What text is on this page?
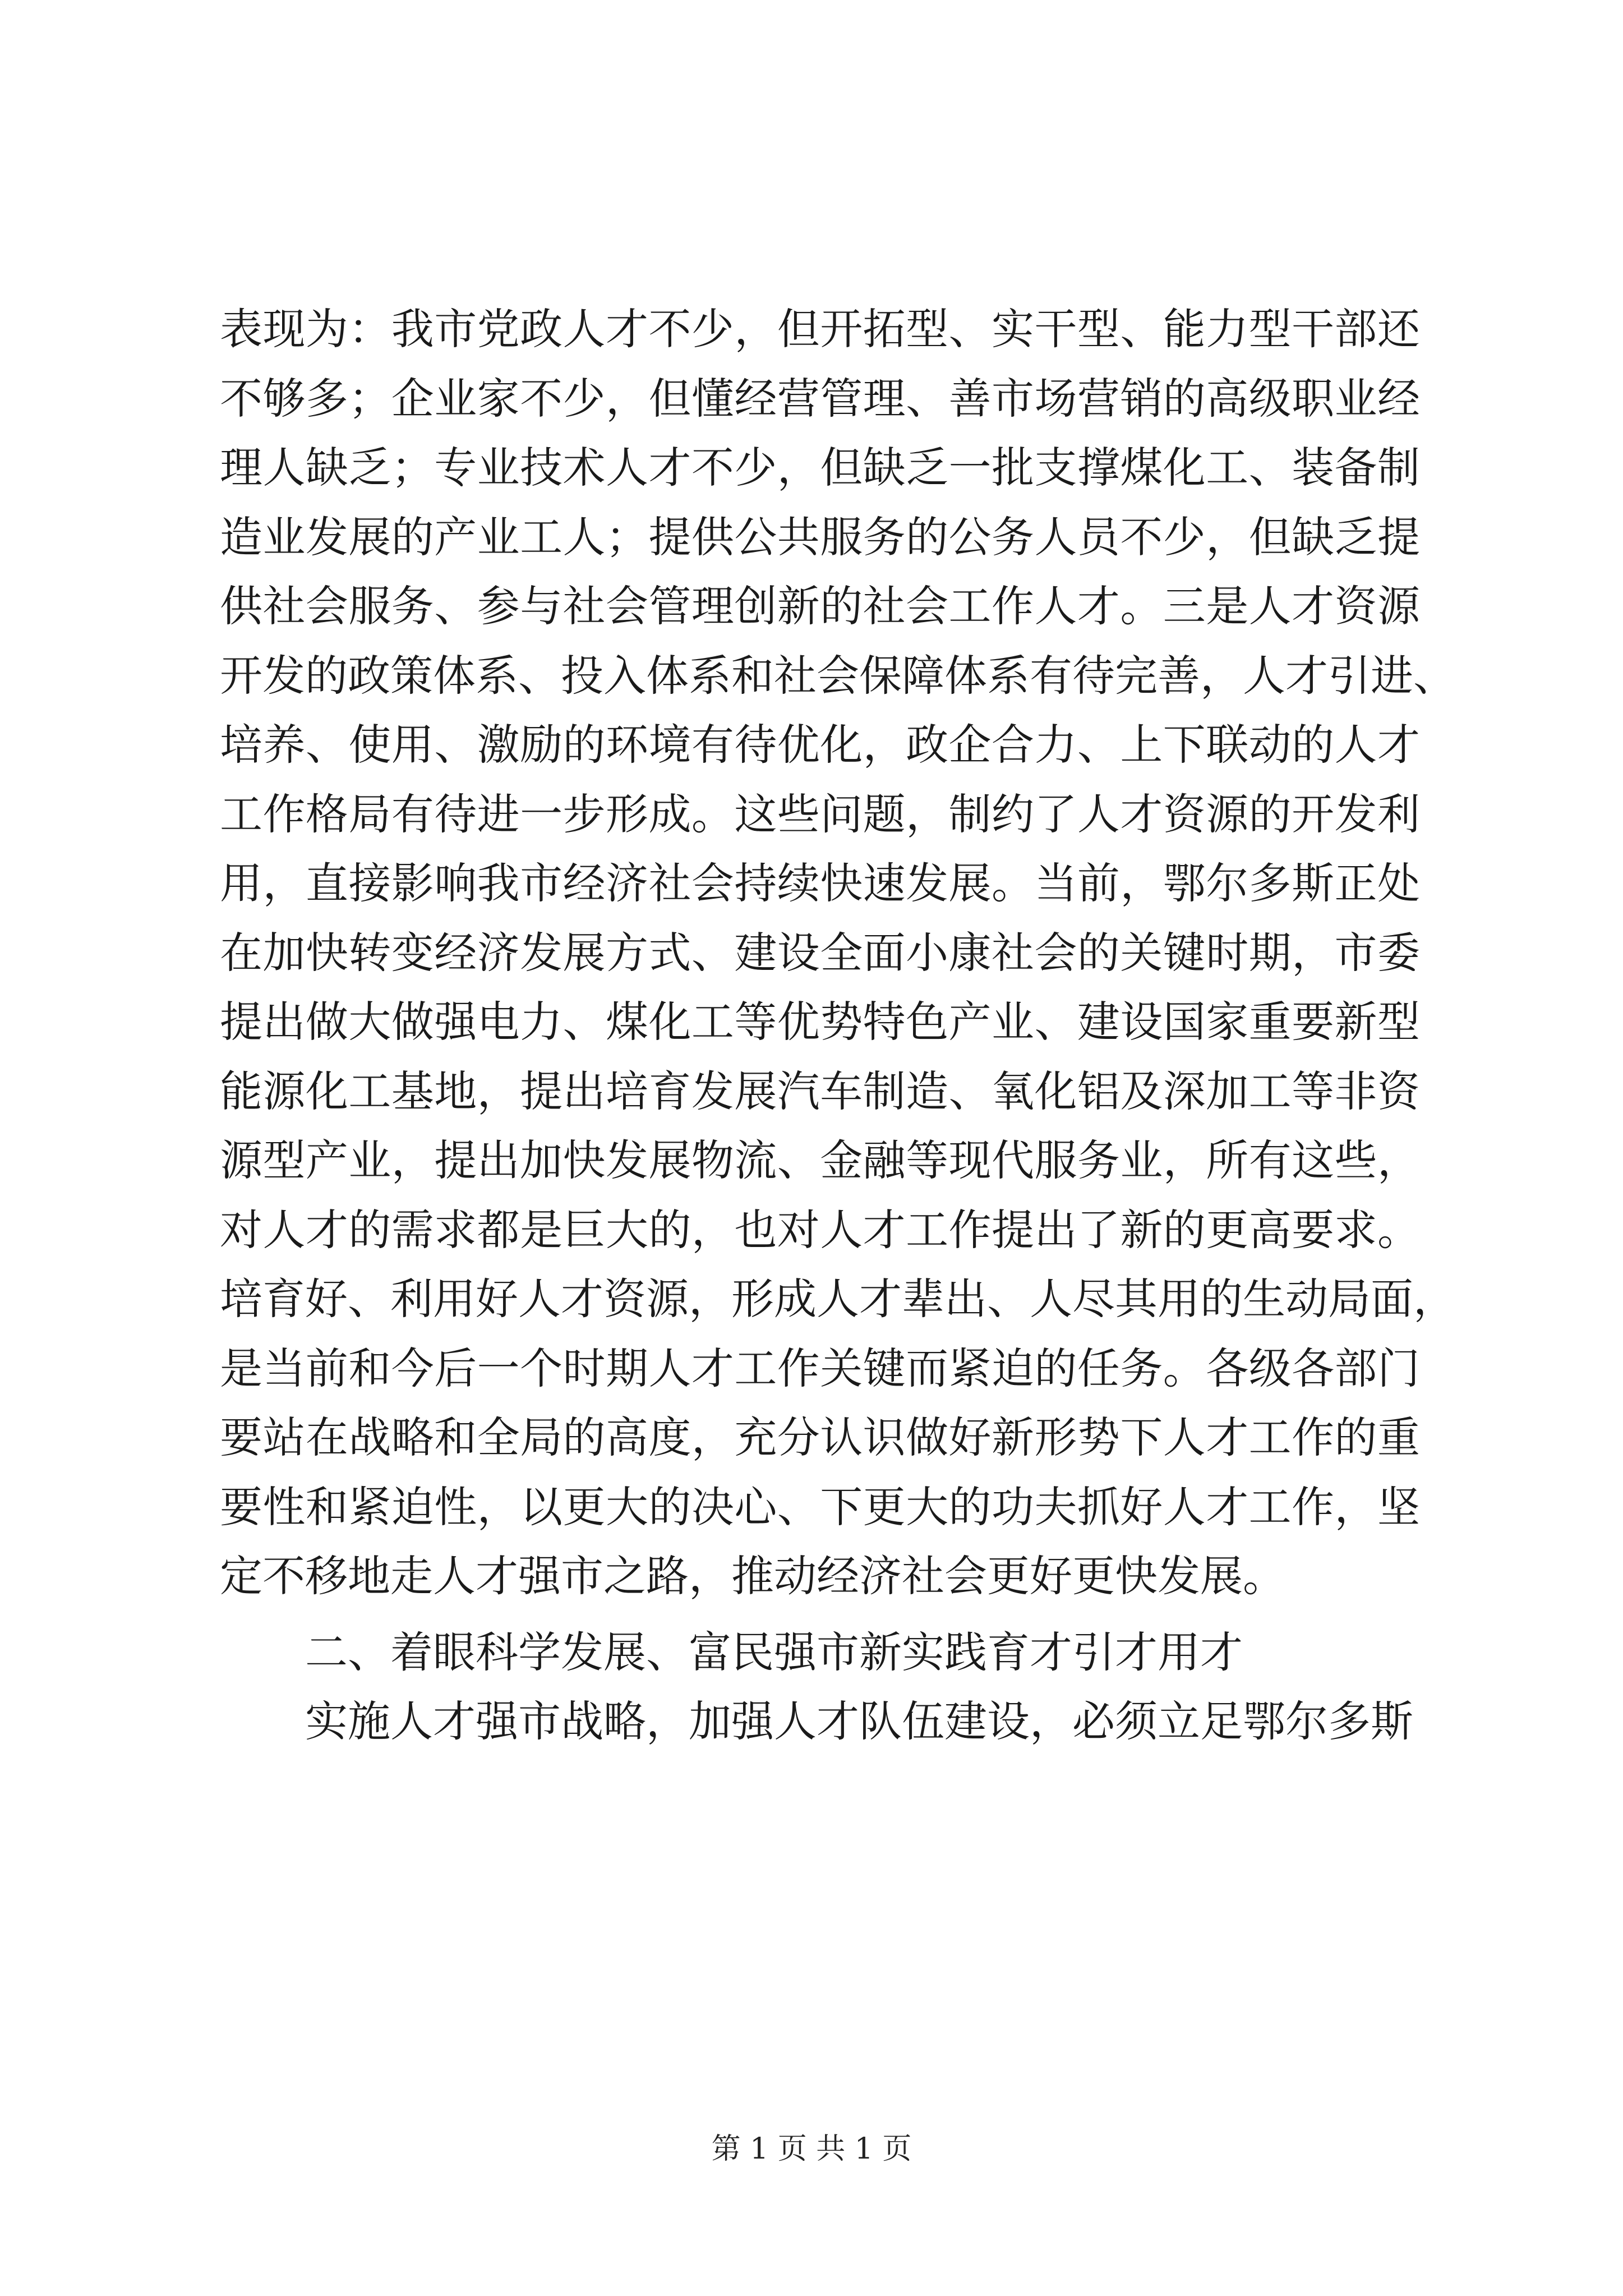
表现为：我市党政人才不少，但开拓型、实干型、能力型干部还
不够多；企业家不少，但懂经营管理、善市场营销的高级职业经
理人缺乏；专业技术人才不少，但缺乏一批支撑煤化工、装备制
造业发展的产业工人；提供公共服务的公务人员不少，但缺乏提
供社会服务、参与社会管理创新的社会工作人才。三是人才资源
开发的政策体系、投入体系和社会保障体系有待完善，人才引进、
培养、使用、激励的环境有待优化，政企合力、上下联动的人才
工作格局有待进一步形成。这些问题，制约了人才资源的开发利
用，直接影响我市经济社会持续快速发展。当前，鄂尔多斯正处
在加快转变经济发展方式、建设全面小康社会的关键时期，市委
提出做大做强电力、煤化工等优势特色产业、建设国家重要新型
能源化工基地，提出培育发展汽车制造、氧化铝及深加工等非资
源型产业，提出加快发展物流、金融等现代服务业，所有这些，
对人才的需求都是巨大的，也对人才工作提出了新的更高要求。
培育好、利用好人才资源，形成人才辈出、人尽其用的生动局面，
是当前和今后一个时期人才工作关键而紧迫的任务。各级各部门
要站在战略和全局的高度，充分认识做好新形势下人才工作的重
要性和紧迫性，以更大的决心、下更大的功夫抓好人才工作，坚
定不移地走人才强市之路，推动经济社会更好更快发展。
二、着眼科学发展、富民强市新实践育才引才用才
实施人才强市战略，加强人才队伍建设，必须立足鄂尔多斯
第 1 页 共 1 页
